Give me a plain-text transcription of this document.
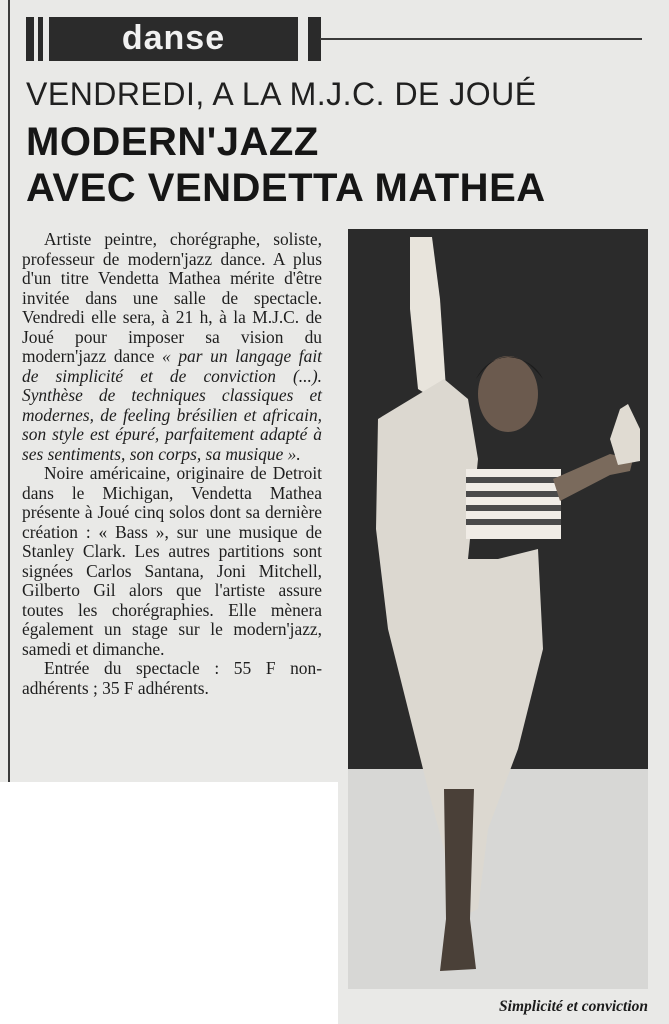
danse
VENDREDI, A LA M.J.C. DE JOUÉ
MODERN'JAZZ
AVEC VENDETTA MATHEA

Artiste peintre, chorégraphe, soliste, professeur de modern'jazz dance. A plus d'un titre Vendetta Mathea mérite d'être invitée dans une salle de spectacle. Vendredi elle sera, à 21 h, à la M.J.C. de Joué pour imposer sa vision du modern'jazz dance « par un langage fait de simplicité et de conviction (...). Synthèse de techniques classiques et modernes, de feeling brésilien et africain, son style est épuré, parfaitement adapté à ses sentiments, son corps, sa musique ».

Noire américaine, originaire de Detroit dans le Michigan, Vendetta Mathea présente à Joué cinq solos dont sa dernière création : « Bass », sur une musique de Stanley Clark. Les autres partitions sont signées Carlos Santana, Joni Mitchell, Gilberto Gil alors que l'artiste assure toutes les chorégraphies. Elle mènera également un stage sur le modern'jazz, samedi et dimanche.

Entrée du spectacle : 55 F non-adhérents ; 35 F adhérents.

Simplicité et conviction
